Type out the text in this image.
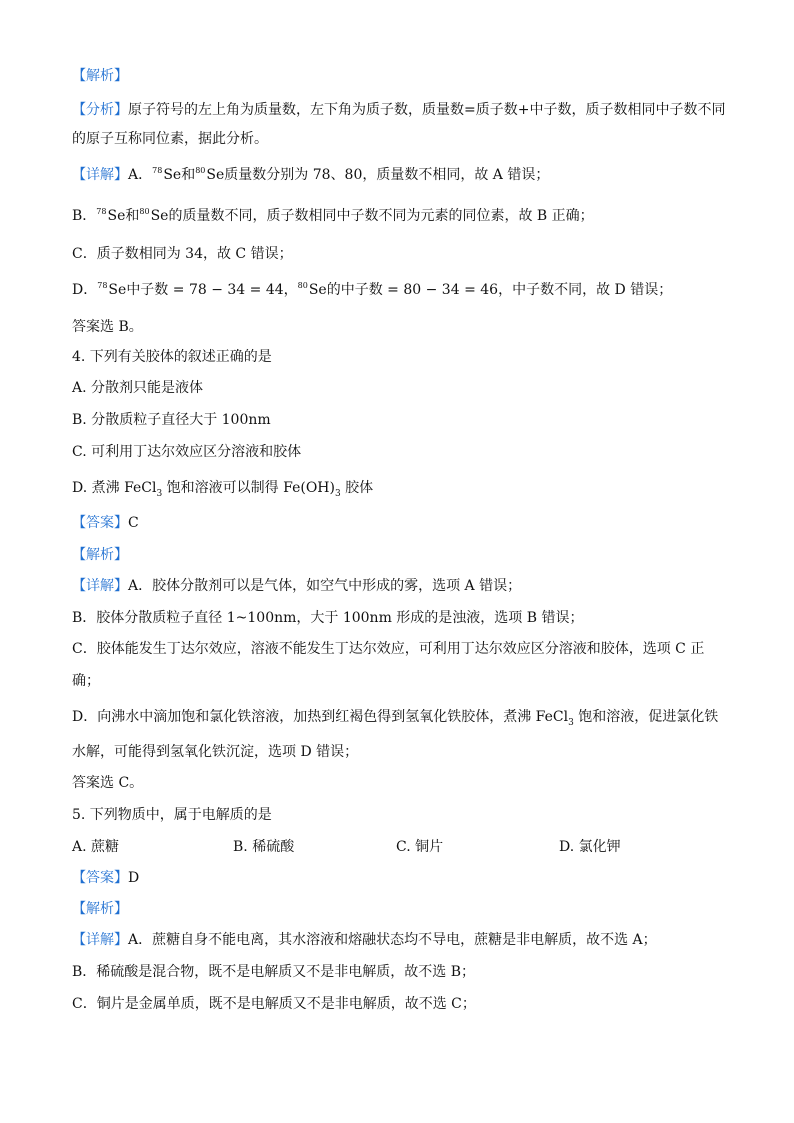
【解析】
【分析】原子符号的左上角为质量数，左下角为质子数，质量数=质子数+中子数，质子数相同中子数不同
的原子互称同位素，据此分析。
【详解】A．$^{78}$Se和$^{80}$Se质量数分别为 78、80，质量数不相同，故 A 错误；
B．$^{78}$Se和$^{80}$Se的质量数不同，质子数相同中子数不同为元素的同位素，故 B 正确；
C．质子数相同为 34，故 C 错误；
D．$^{78}$Se中子数 = 78 − 34 = 44，$^{80}$Se的中子数 = 80 − 34 = 46，中子数不同，故 D 错误；
答案选 B。
4. 下列有关胶体的叙述正确的是
A. 分散剂只能是液体
B. 分散质粒子直径大于 100nm
C. 可利用丁达尔效应区分溶液和胶体
D. 煮沸 FeCl$_3$ 饱和溶液可以制得 $Fe(OH)_3$ 胶体
【答案】C
【解析】
【详解】A．胶体分散剂可以是气体，如空气中形成的雾，选项 A 错误；
B．胶体分散质粒子直径 1~100nm，大于 100nm 形成的是浊液，选项 B 错误；
C．胶体能发生丁达尔效应，溶液不能发生丁达尔效应，可利用丁达尔效应区分溶液和胶体，选项 C 正
确；
D．向沸水中滴加饱和氯化铁溶液，加热到红褐色得到氢氧化铁胶体，煮沸 FeCl$_3$ 饱和溶液，促进氯化铁
水解，可能得到氢氧化铁沉淀，选项 D 错误；
答案选 C。
5. 下列物质中，属于电解质的是
A. 蔗糖	B. 稀硫酸	C. 铜片	D. 氯化钾
【答案】D
【解析】
【详解】A．蔗糖自身不能电离，其水溶液和熔融状态均不导电，蔗糖是非电解质，故不选 A；
B．稀硫酸是混合物，既不是电解质又不是非电解质，故不选 B；
C．铜片是金属单质，既不是电解质又不是非电解质，故不选 C；
